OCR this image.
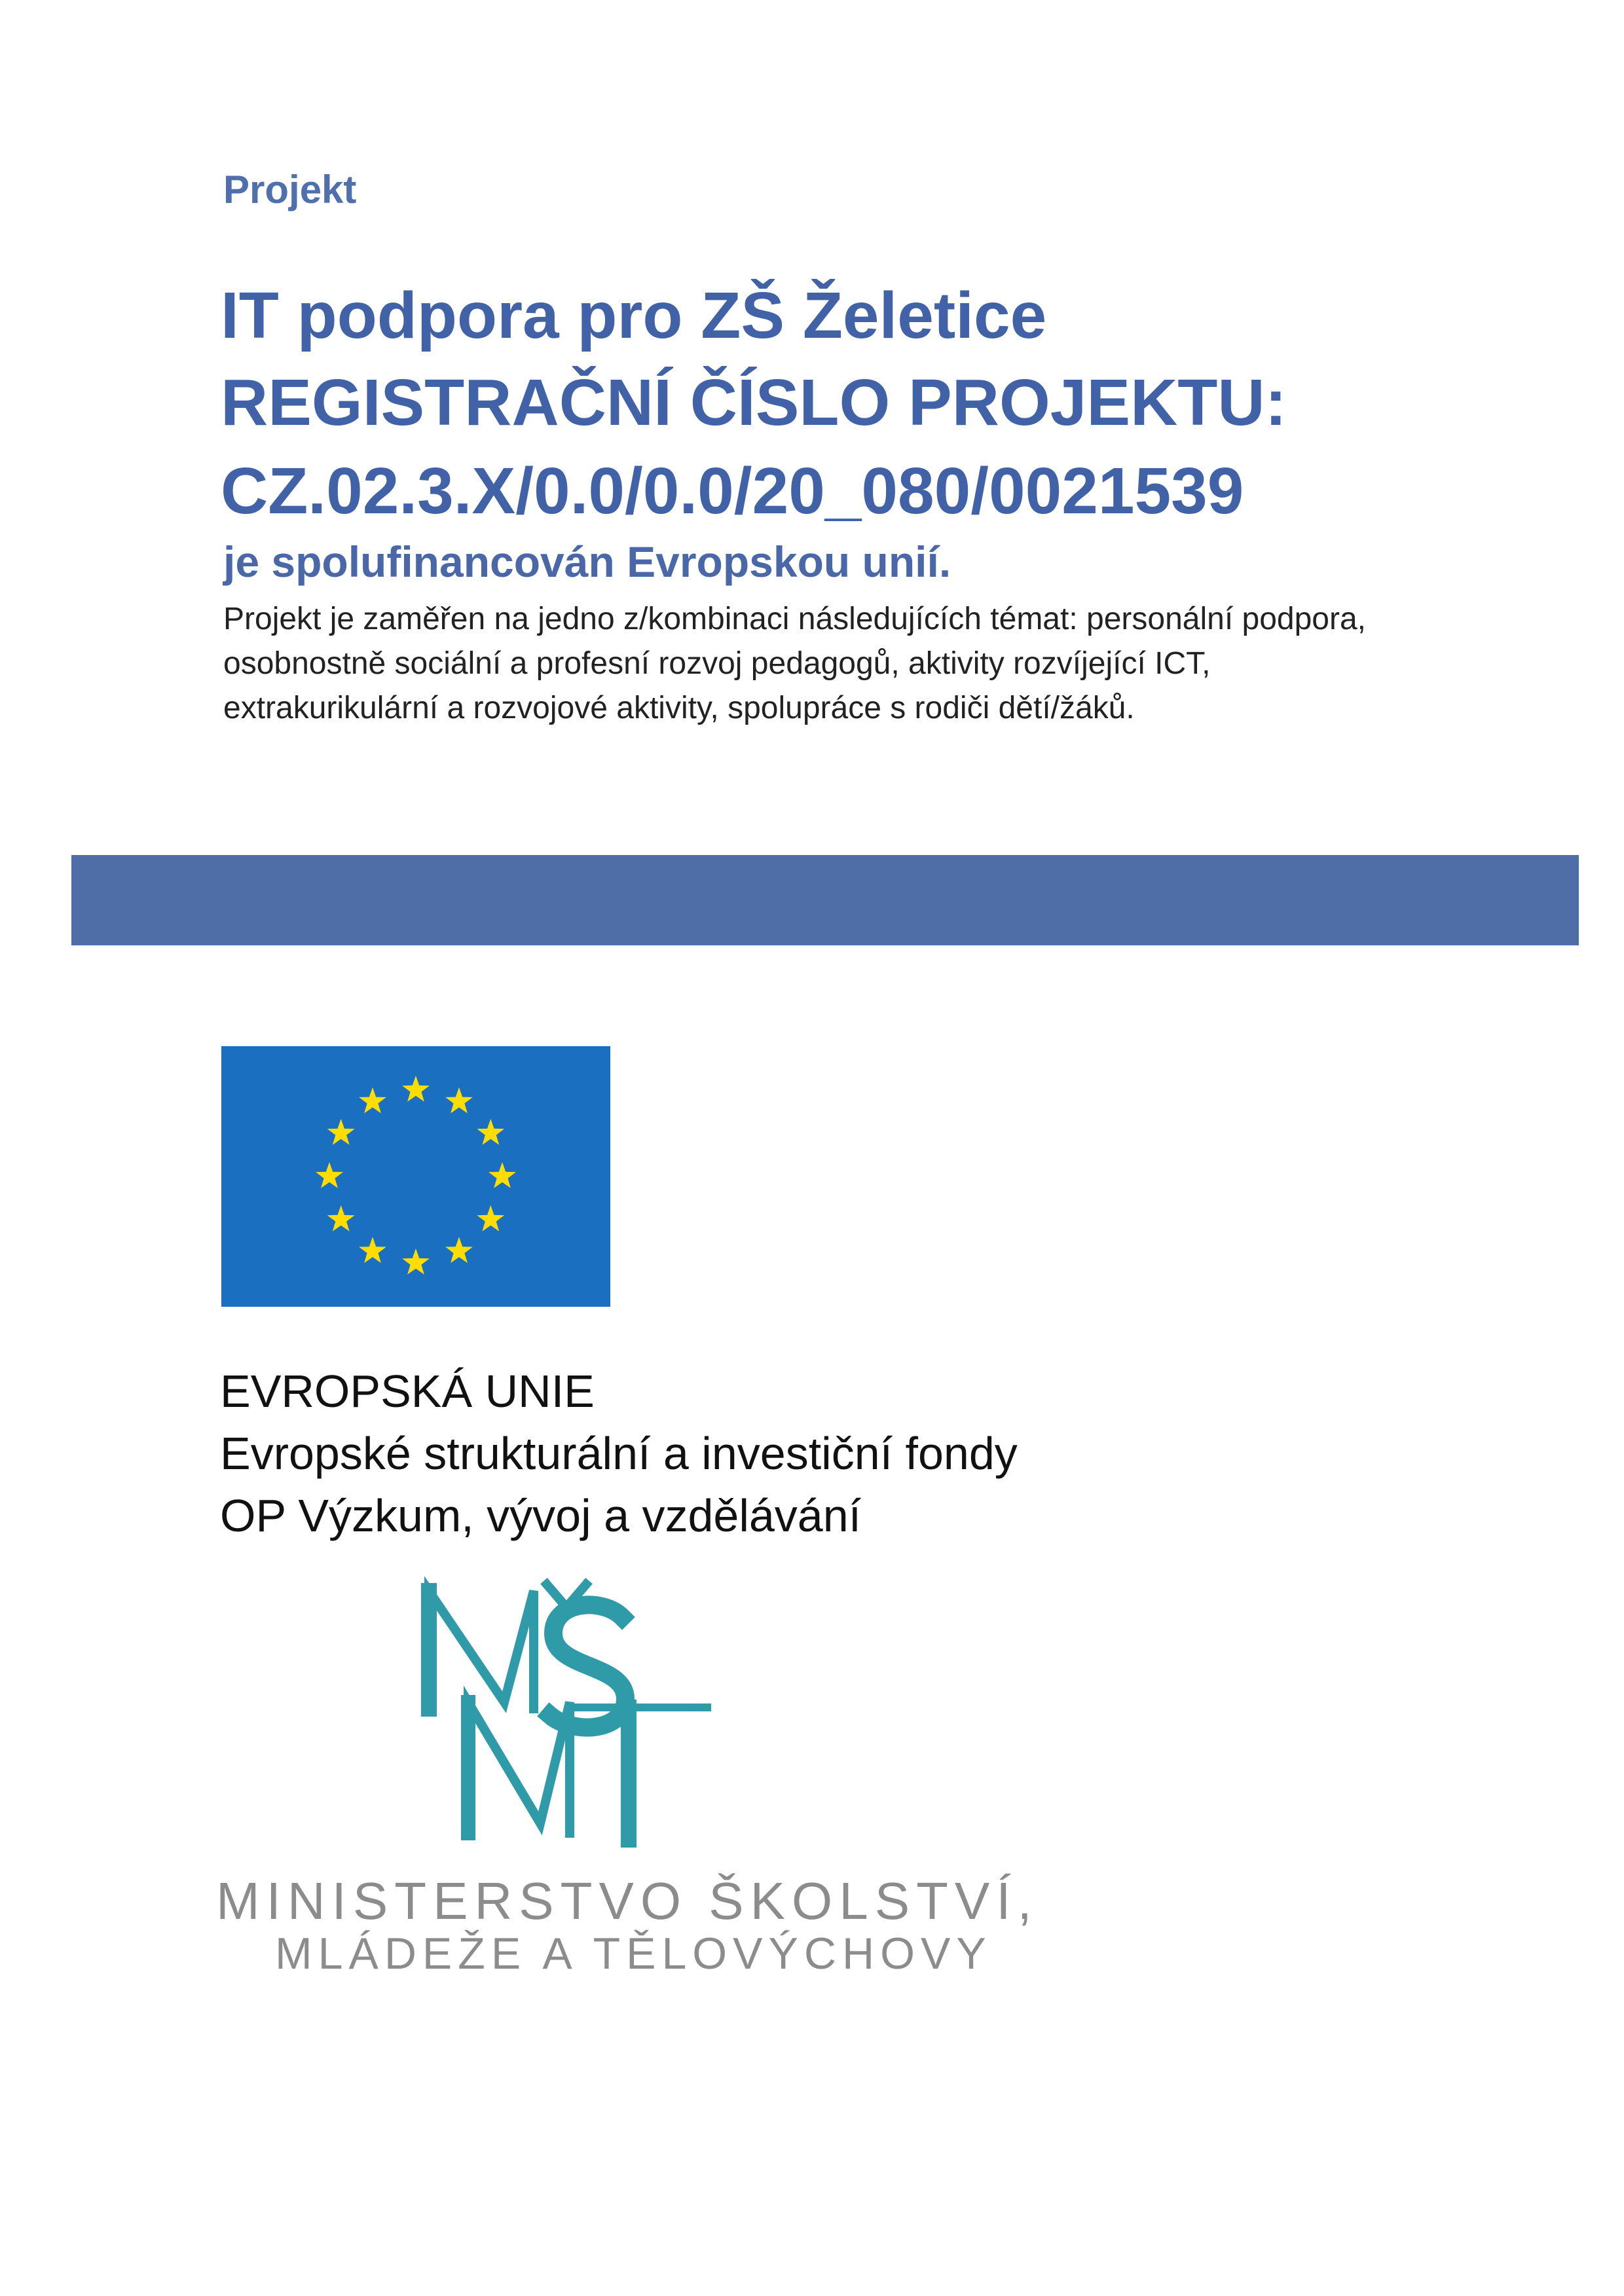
Projekt
IT podpora pro ZŠ Želetice
REGISTRAČNÍ ČÍSLO PROJEKTU:
CZ.02.3.X/0.0/0.0/20_080/0021539
je spolufinancován Evropskou unií.
Projekt je zaměřen na jedno z/kombinaci následujících témat: personální podpora, osobnostně sociální a profesní rozvoj pedagogů, aktivity rozvíjející ICT, extrakurikulární a rozvojové aktivity, spolupráce s rodiči dětí/žáků.
EVROPSKÁ UNIE
Evropské strukturální a investiční fondy
OP Výzkum, vývoj a vzdělávání
MINISTERSTVO ŠKOLSTVÍ,
MLÁDEŽE A TĚLOVÝCHOVY
